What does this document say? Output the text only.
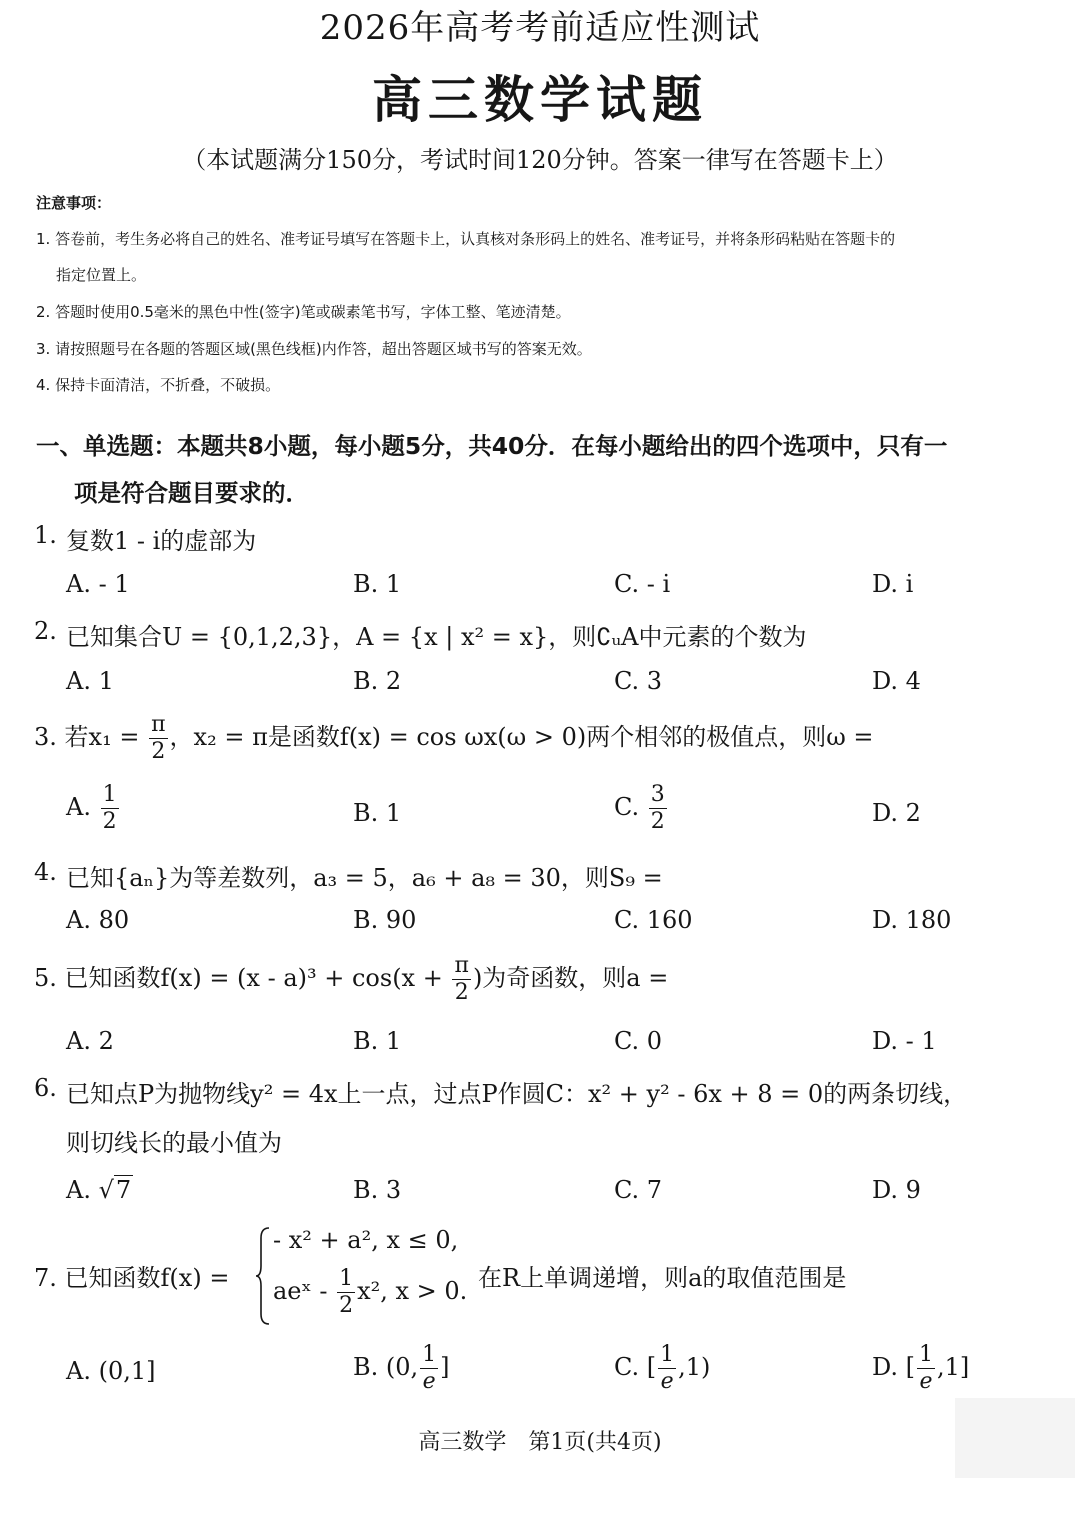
2026年高考考前适应性测试
高三数学试题
（本试题满分150分，考试时间120分钟。答案一律写在答题卡上）
注意事项：
1. 答卷前，考生务必将自己的姓名、准考证号填写在答题卡上，认真核对条形码上的姓名、准考证号，并将条形码粘贴在答题卡的
指定位置上。
2. 答题时使用0.5毫米的黑色中性(签字)笔或碳素笔书写，字体工整、笔迹清楚。
3. 请按照题号在各题的答题区域(黑色线框)内作答，超出答题区域书写的答案无效。
4. 保持卡面清洁，不折叠，不破损。
一、单选题：本题共8小题，每小题5分，共40分．在每小题给出的四个选项中，只有一
项是符合题目要求的．
1. 复数1 - i的虚部为
A. - 1	B. 1	C. - i	D. i
2. 已知集合U = {0,1,2,3}，A = {x | x² = x}，则∁ᵤA中元素的个数为
A. 1	B. 2	C. 3	D. 4
3. 若$x_1 = \frac{\pi}{2}$ ，x₂ = π是函数f(x) = cos ωx(ω > 0)两个相邻的极值点，则ω =
A. $\frac{1}{2}$	B. 1	C. $\frac{3}{2}$	D. 2
4. 已知{aₙ}为等差数列，a₃ = 5，a₆ + a₈ = 30，则S₉ =
A. 80	B. 90	C. 160	D. 180
5. 已知函数$f(x) = (x - a)^3 + \cos(x + \frac{\pi}{2}$ )为奇函数，则a =
A. 2	B. 1	C. 0	D. - 1
6. 已知点P为抛物线y² = 4x上一点，过点P作圆C：x² + y² - 6x + 8 = 0的两条切线，
则切线长的最小值为
A. √7	B. 3	C. 7	D. 9
7. 已知函数f(x) =
- x² + a², x ≤ 0,
aeˣ - $\frac{1}{2} x^2$, x > 0. 在R上单调递增，则a的取值范围是
A. (0,1]	B. (0, $\frac{1}{e}$ ]	C. [ $\frac{1}{e} ,1$)	D. [ $\frac{1}{e} ,1$]
高三数学　第1页(共4页)
